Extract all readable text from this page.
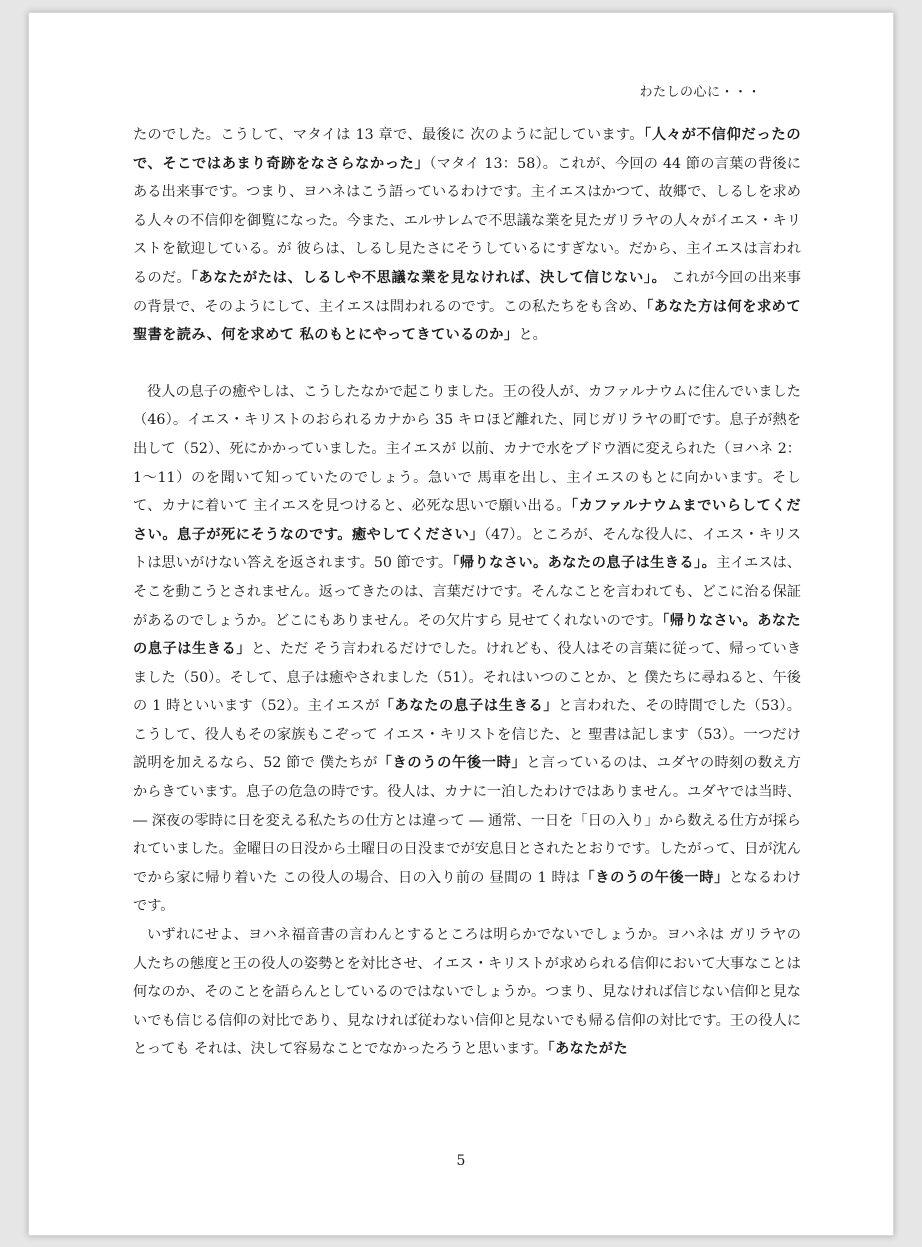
わたしの心に・・・

たのでした。こうして、マタイは 13 章で、最後に 次のように記しています。「人々が不信仰だったので、そこではあまり奇跡をなさらなかった」（マタイ 13：58）。これが、今回の 44 節の言葉の背後にある出来事です。つまり、ヨハネはこう語っているわけです。主イエスはかつて、故郷で、しるしを求める人々の不信仰を御覧になった。今また、エルサレムで不思議な業を見たガリラヤの人々がイエス・キリストを歓迎している。が 彼らは、しるし見たさにそうしているにすぎない。だから、主イエスは言われるのだ。「あなたがたは、しるしや不思議な業を見なければ、決して信じない」。 これが今回の出来事の背景で、そのようにして、主イエスは問われるのです。この私たちをも含め、「あなた方は何を求めて 聖書を読み、何を求めて 私のもとにやってきているのか」と。

役人の息子の癒やしは、こうしたなかで起こりました。王の役人が、カファルナウムに住んでいました（46）。イエス・キリストのおられるカナから 35 キロほど離れた、同じガリラヤの町です。息子が熱を出して（52）、死にかかっていました。主イエスが 以前、カナで水をブドウ酒に変えられた（ヨハネ 2：1〜11）のを聞いて知っていたのでしょう。急いで 馬車を出し、主イエスのもとに向かいます。そして、カナに着いて 主イエスを見つけると、必死な思いで願い出る。「カファルナウムまでいらしてください。息子が死にそうなのです。癒やしてください」（47）。ところが、そんな役人に、イエス・キリストは思いがけない答えを返されます。50 節です。「帰りなさい。あなたの息子は生きる」。主イエスは、そこを動こうとされません。返ってきたのは、言葉だけです。そんなことを言われても、どこに治る保証があるのでしょうか。どこにもありません。その欠片すら 見せてくれないのです。「帰りなさい。あなたの息子は生きる」と、ただ そう言われるだけでした。けれども、役人はその言葉に従って、帰っていきました（50）。そして、息子は癒やされました（51）。それはいつのことか、と 僕たちに尋ねると、午後の 1 時といいます（52）。主イエスが「あなたの息子は生きる」と言われた、その時間でした（53）。こうして、役人もその家族もこぞって イエス・キリストを信じた、と 聖書は記します（53）。一つだけ説明を加えるなら、52 節で 僕たちが「きのうの午後一時」と言っているのは、ユダヤの時刻の数え方からきています。息子の危急の時です。役人は、カナに一泊したわけではありません。ユダヤでは当時、― 深夜の零時に日を変える私たちの仕方とは違って ― 通常、一日を「日の入り」から数える仕方が採られていました。金曜日の日没から土曜日の日没までが安息日とされたとおりです。したがって、日が沈んでから家に帰り着いた この役人の場合、日の入り前の 昼間の 1 時は「きのうの午後一時」となるわけです。

いずれにせよ、ヨハネ福音書の言わんとするところは明らかでないでしょうか。ヨハネは ガリラヤの人たちの態度と王の役人の姿勢とを対比させ、イエス・キリストが求められる信仰において大事なことは何なのか、そのことを語らんとしているのではないでしょうか。つまり、見なければ信じない信仰と見ないでも信じる信仰の対比であり、見なければ従わない信仰と見ないでも帰る信仰の対比です。王の役人にとっても それは、決して容易なことでなかったろうと思います。「あなたがた

5
